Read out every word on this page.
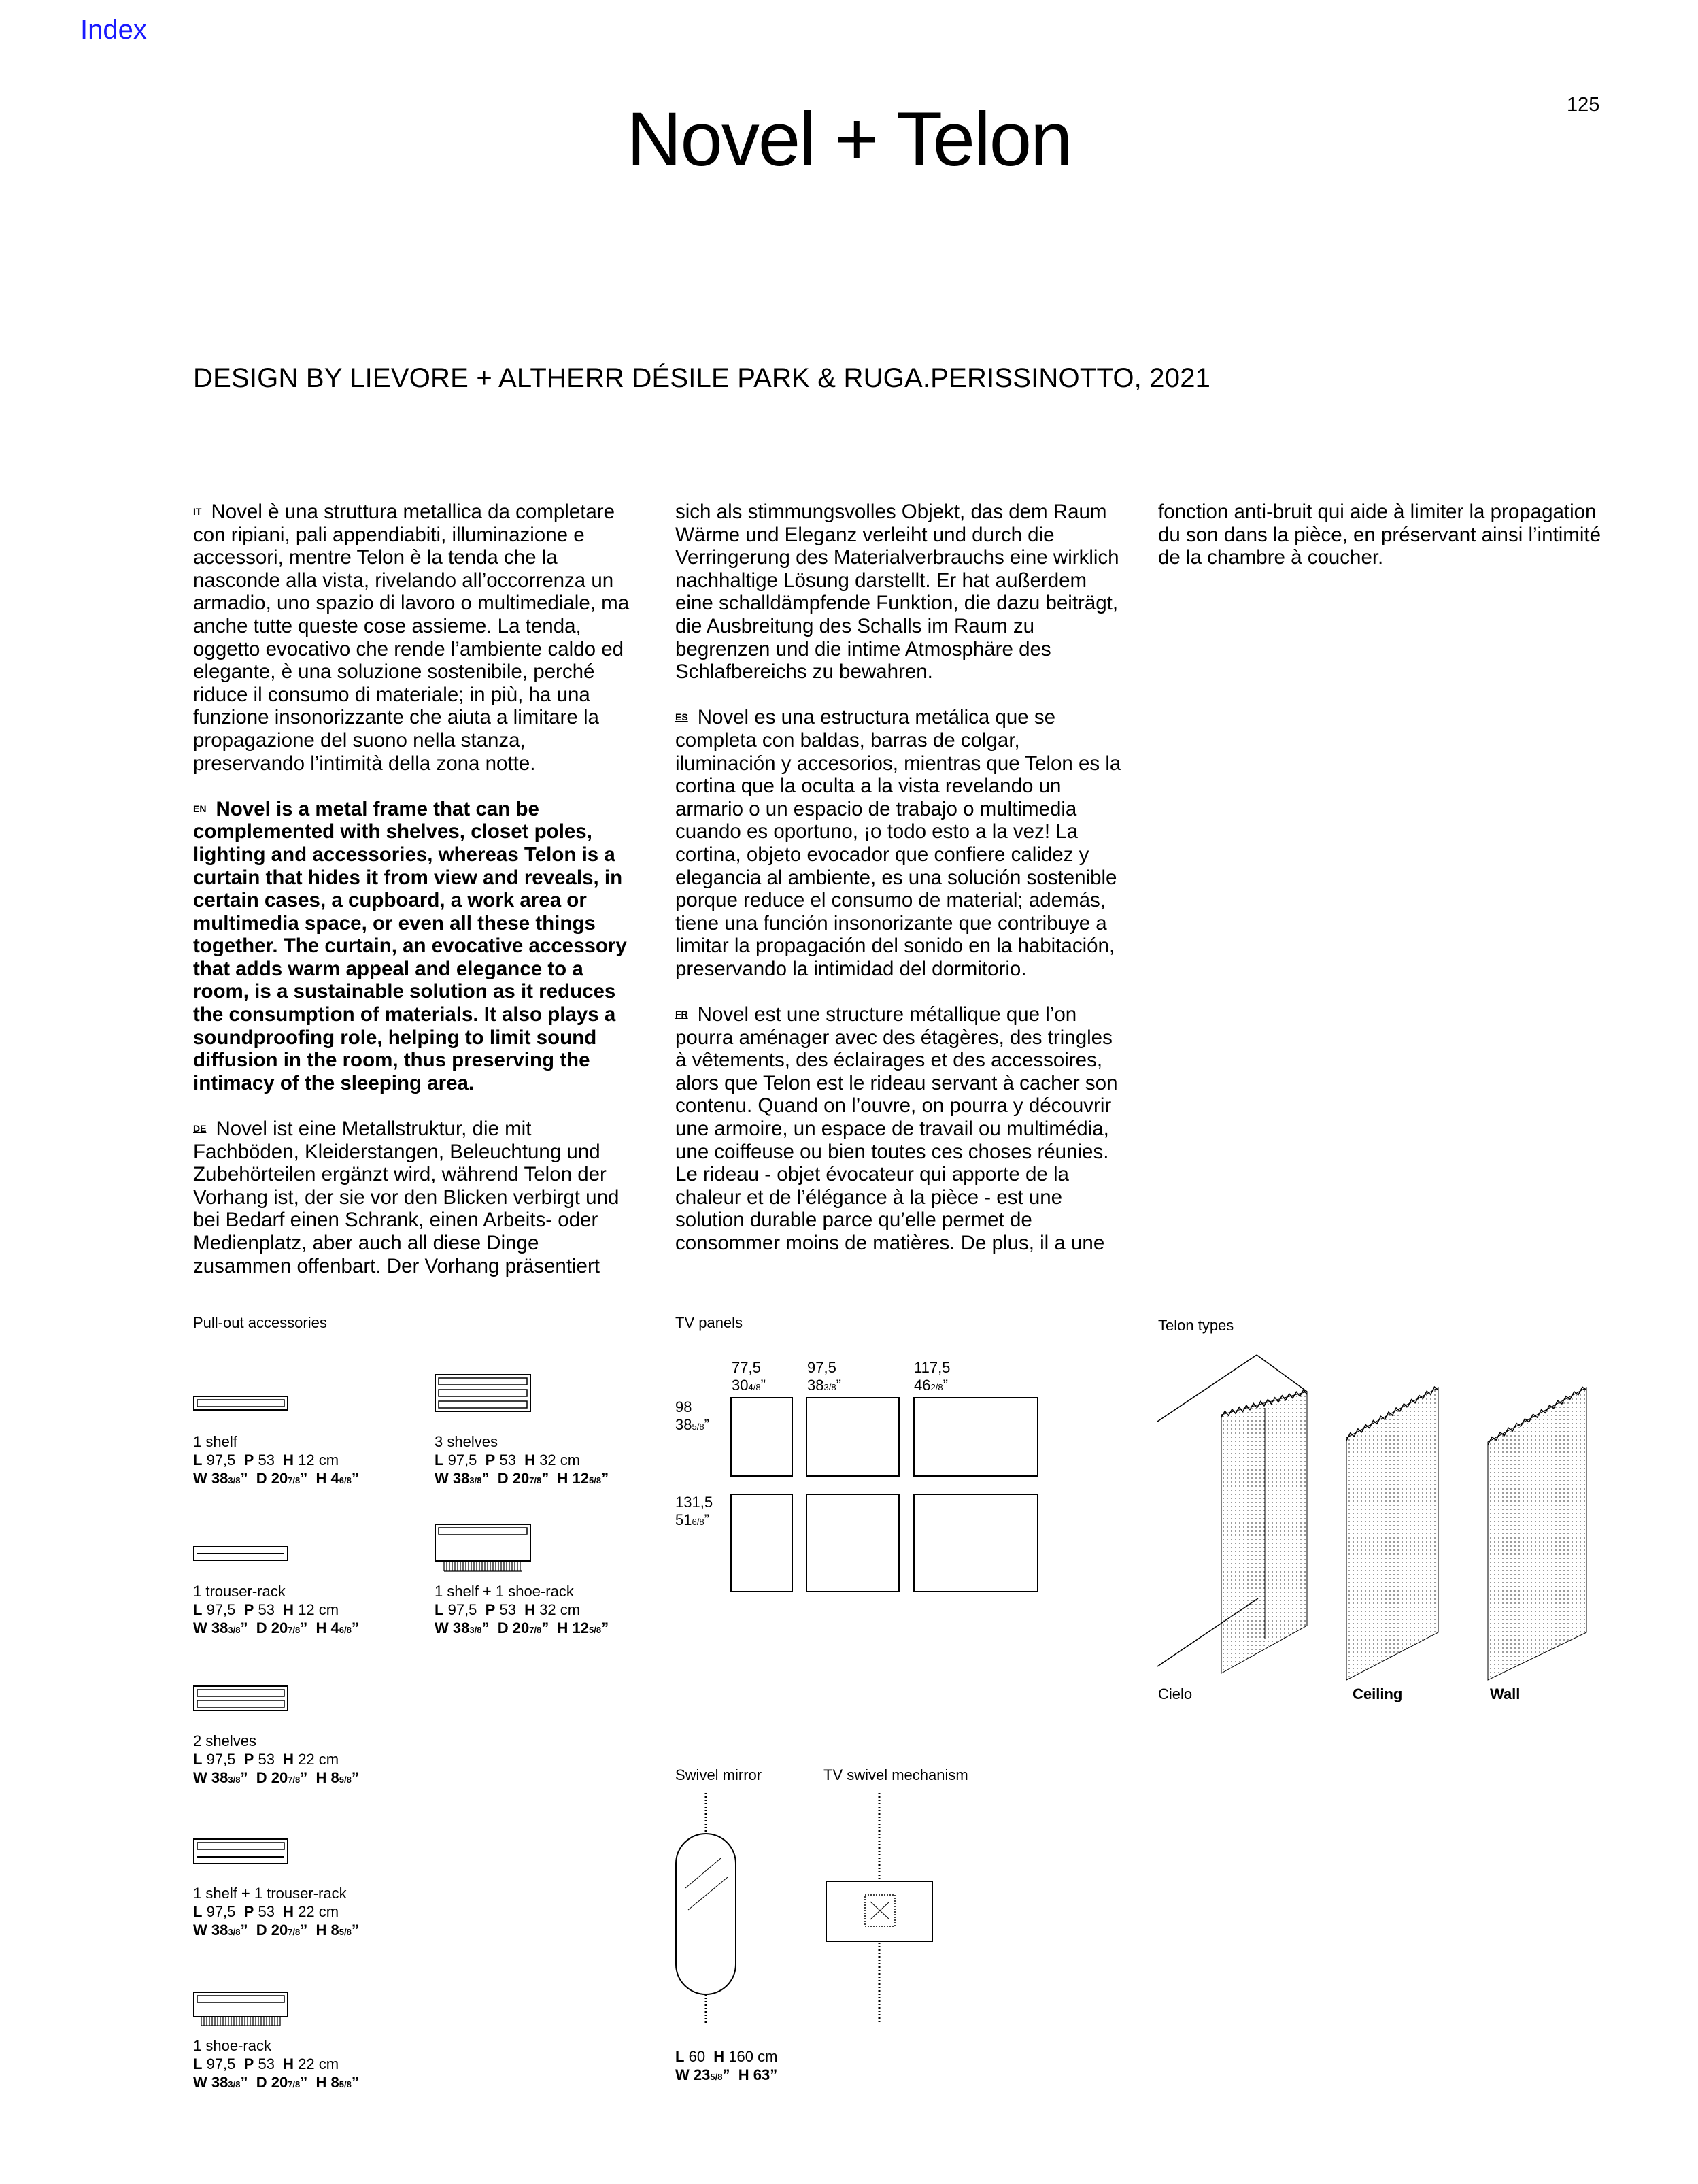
Index
125
Novel + Telon
DESIGN BY LIEVORE + ALTHERR DÉSILE PARK & RUGA.PERISSINOTTO, 2021

IT Novel è una struttura metallica da completare con ripiani, pali appendiabiti, illuminazione e accessori, mentre Telon è la tenda che la nasconde alla vista, rivelando all’occorrenza un armadio, uno spazio di lavoro o multimediale, ma anche tutte queste cose assieme. La tenda, oggetto evocativo che rende l’ambiente caldo ed elegante, è una soluzione sostenibile, perché riduce il consumo di materiale; in più, ha una funzione insonorizzante che aiuta a limitare la propagazione del suono nella stanza, preservando l’intimità della zona notte.

EN Novel is a metal frame that can be complemented with shelves, closet poles, lighting and accessories, whereas Telon is a curtain that hides it from view and reveals, in certain cases, a cupboard, a work area or multimedia space, or even all these things together. The curtain, an evocative accessory that adds warm appeal and elegance to a room, is a sustainable solution as it reduces the consumption of materials. It also plays a soundproofing role, helping to limit sound diffusion in the room, thus preserving the intimacy of the sleeping area.

DE Novel ist eine Metallstruktur, die mit Fachböden, Kleiderstangen, Beleuchtung und Zubehörteilen ergänzt wird, während Telon der Vorhang ist, der sie vor den Blicken verbirgt und bei Bedarf einen Schrank, einen Arbeits- oder Medienplatz, aber auch all diese Dinge zusammen offenbart. Der Vorhang präsentiert

sich als stimmungsvolles Objekt, das dem Raum Wärme und Eleganz verleiht und durch die Verringerung des Materialverbrauchs eine wirklich nachhaltige Lösung darstellt. Er hat außerdem eine schalldämpfende Funktion, die dazu beiträgt, die Ausbreitung des Schalls im Raum zu begrenzen und die intime Atmosphäre des Schlafbereichs zu bewahren.

ES Novel es una estructura metálica que se completa con baldas, barras de colgar, iluminación y accesorios, mientras que Telon es la cortina que la oculta a la vista revelando un armario o un espacio de trabajo o multimedia cuando es oportuno, ¡o todo esto a la vez! La cortina, objeto evocador que confiere calidez y elegancia al ambiente, es una solución sostenible porque reduce el consumo de material; además, tiene una función insonorizante que contribuye a limitar la propagación del sonido en la habitación, preservando la intimidad del dormitorio.

FR Novel est une structure métallique que l’on pourra aménager avec des étagères, des tringles à vêtements, des éclairages et des accessoires, alors que Telon est le rideau servant à cacher son contenu. Quand on l’ouvre, on pourra y découvrir une armoire, un espace de travail ou multimédia, une coiffeuse ou bien toutes ces choses réunies. Le rideau - objet évocateur qui apporte de la chaleur et de l’élégance à la pièce - est une solution durable parce qu’elle permet de consommer moins de matières. De plus, il a une

fonction anti-bruit qui aide à limiter la propagation du son dans la pièce, en préservant ainsi l’intimité de la chambre à coucher.

Pull-out accessories
1 shelf
L 97,5 P 53 H 12 cm
W 383/8”  D 207/8”  H 46/8”
1 trouser-rack
L 97,5 P 53 H 12 cm
W 383/8”  D 207/8”  H 46/8”
2 shelves
L 97,5 P 53 H 22 cm
W 383/8”  D 207/8”  H 85/8”
1 shelf + 1 trouser-rack
L 97,5 P 53 H 22 cm
W 383/8”  D 207/8”  H 85/8”
1 shoe-rack
L 97,5 P 53 H 22 cm
W 383/8”  D 207/8”  H 85/8”
3 shelves
L 97,5 P 53 H 32 cm
W 383/8”  D 207/8”  H 125/8”
1 shelf + 1 shoe-rack
L 97,5 P 53 H 32 cm
W 383/8”  D 207/8”  H 125/8”
TV panels
77,5
304/8”
97,5
383/8”
117,5
462/8”
98
385/8”
131,5
516/8”
Telon types
Cielo	Ceiling	Wall
Swivel mirror
L 60 H 160 cm
W 235/8”  H 63”
TV swivel mechanism
